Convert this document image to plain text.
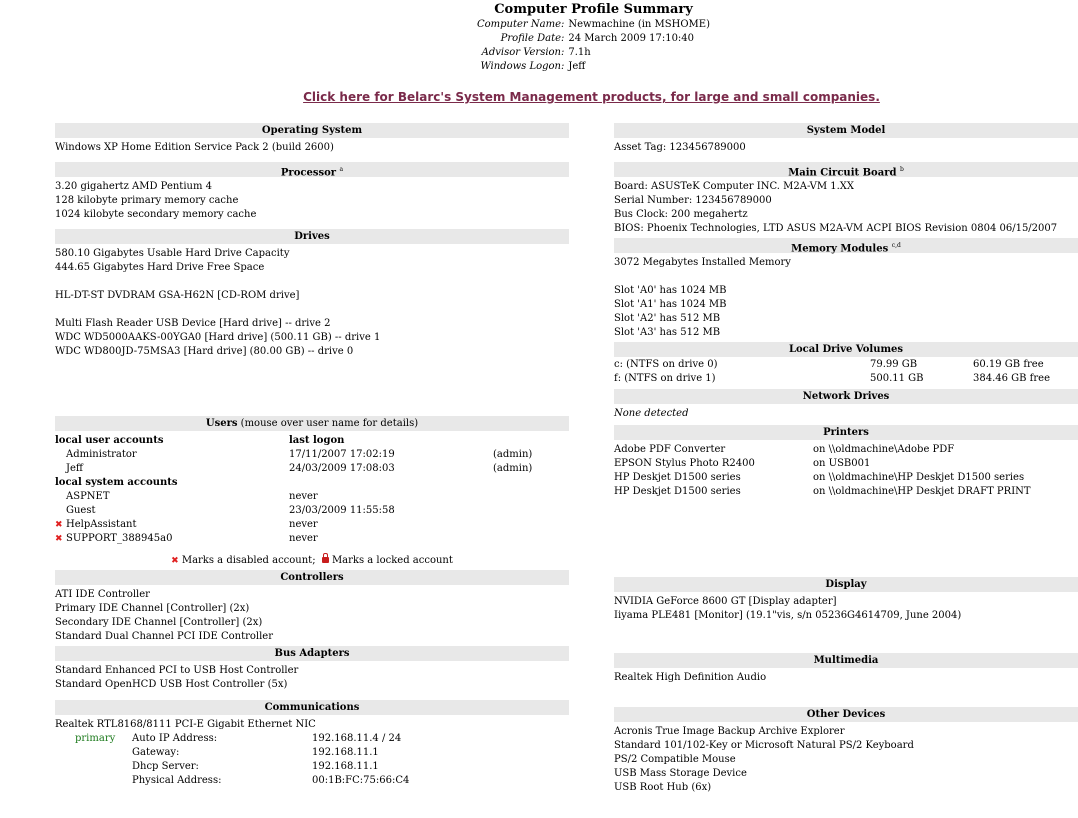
Computer Profile Summary
Computer Name:	Newmachine (in MSHOME)
Profile Date:	24 March 2009 17:10:40
Advisor Version:	7.1h
Windows Logon:	Jeff
Click here for Belarc's System Management products, for large and small companies.
Operating System
Windows XP Home Edition Service Pack 2 (build 2600)
Processor $^a$
3.20 gigahertz AMD Pentium 4
128 kilobyte primary memory cache
1024 kilobyte secondary memory cache
Drives
580.10 Gigabytes Usable Hard Drive Capacity
444.65 Gigabytes Hard Drive Free Space
HL-DT-ST DVDRAM GSA-H62N [CD-ROM drive]
Multi Flash Reader USB Device [Hard drive] -- drive 2
WDC WD5000AAKS-00YGA0 [Hard drive] (500.11 GB) -- drive 1
WDC WD800JD-75MSA3 [Hard drive] (80.00 GB) -- drive 0
Users (mouse over user name for details)
local user accounts	last logon
Administrator	17/11/2007 17:02:19	(admin)
Jeff	24/03/2009 17:08:03	(admin)
local system accounts
ASPNET	never
Guest	23/03/2009 11:55:58
✖ HelpAssistant	never
✖ SUPPORT_388945a0	never
✖ Marks a disabled account; Marks a locked account
Controllers
ATI IDE Controller
Primary IDE Channel [Controller] (2x)
Secondary IDE Channel [Controller] (2x)
Standard Dual Channel PCI IDE Controller
Bus Adapters
Standard Enhanced PCI to USB Host Controller
Standard OpenHCD USB Host Controller (5x)
Communications
Realtek RTL8168/8111 PCI-E Gigabit Ethernet NIC
primary Auto IP Address:	192.168.11.4 / 24
Gateway:	192.168.11.1
Dhcp Server:	192.168.11.1
Physical Address:	00:1B:FC:75:66:C4
System Model
Asset Tag: 123456789000
Main Circuit Board $^b$
Board: ASUSTeK Computer INC. M2A-VM 1.XX
Serial Number: 123456789000
Bus Clock: 200 megahertz
BIOS: Phoenix Technologies, LTD ASUS M2A-VM ACPI BIOS Revision 0804 06/15/2007
Memory Modules $^{c,d}$
3072 Megabytes Installed Memory
Slot 'A0' has 1024 MB
Slot 'A1' has 1024 MB
Slot 'A2' has 512 MB
Slot 'A3' has 512 MB
Local Drive Volumes
c: (NTFS on drive 0)	79.99 GB	60.19 GB free
f: (NTFS on drive 1)	500.11 GB	384.46 GB free
Network Drives
None detected
Printers
Adobe PDF Converter	on \\oldmachine\Adobe PDF
EPSON Stylus Photo R2400	on USB001
HP Deskjet D1500 series	on \\oldmachine\HP Deskjet D1500 series
HP Deskjet D1500 series	on \\oldmachine\HP Deskjet DRAFT PRINT
Display
NVIDIA GeForce 8600 GT [Display adapter]
Iiyama PLE481 [Monitor] (19.1"vis, s/n 05236G4614709, June 2004)
Multimedia
Realtek High Definition Audio
Other Devices
Acronis True Image Backup Archive Explorer
Standard 101/102-Key or Microsoft Natural PS/2 Keyboard
PS/2 Compatible Mouse
USB Mass Storage Device
USB Root Hub (6x)
